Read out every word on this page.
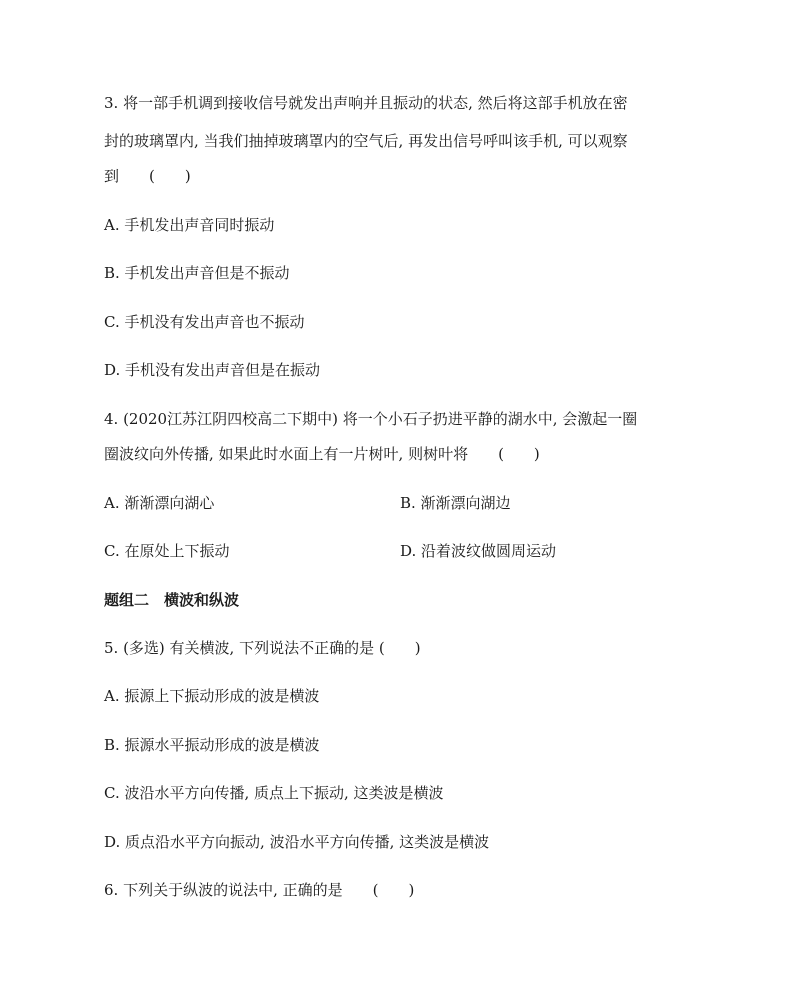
3. 将一部手机调到接收信号就发出声响并且振动的状态, 然后将这部手机放在密
封的玻璃罩内, 当我们抽掉玻璃罩内的空气后, 再发出信号呼叫该手机, 可以观察
到　　(　　)
A. 手机发出声音同时振动
B. 手机发出声音但是不振动
C. 手机没有发出声音也不振动
D. 手机没有发出声音但是在振动
4. (2020江苏江阴四校高二下期中) 将一个小石子扔进平静的湖水中, 会激起一圈
圈波纹向外传播, 如果此时水面上有一片树叶, 则树叶将　　(　　)
A. 渐渐漂向湖心	B. 渐渐漂向湖边
C. 在原处上下振动	D. 沿着波纹做圆周运动
题组二　横波和纵波
5. (多选) 有关横波, 下列说法不正确的是 (　　)
A. 振源上下振动形成的波是横波
B. 振源水平振动形成的波是横波
C. 波沿水平方向传播, 质点上下振动, 这类波是横波
D. 质点沿水平方向振动, 波沿水平方向传播, 这类波是横波
6. 下列关于纵波的说法中, 正确的是　　(　　)
